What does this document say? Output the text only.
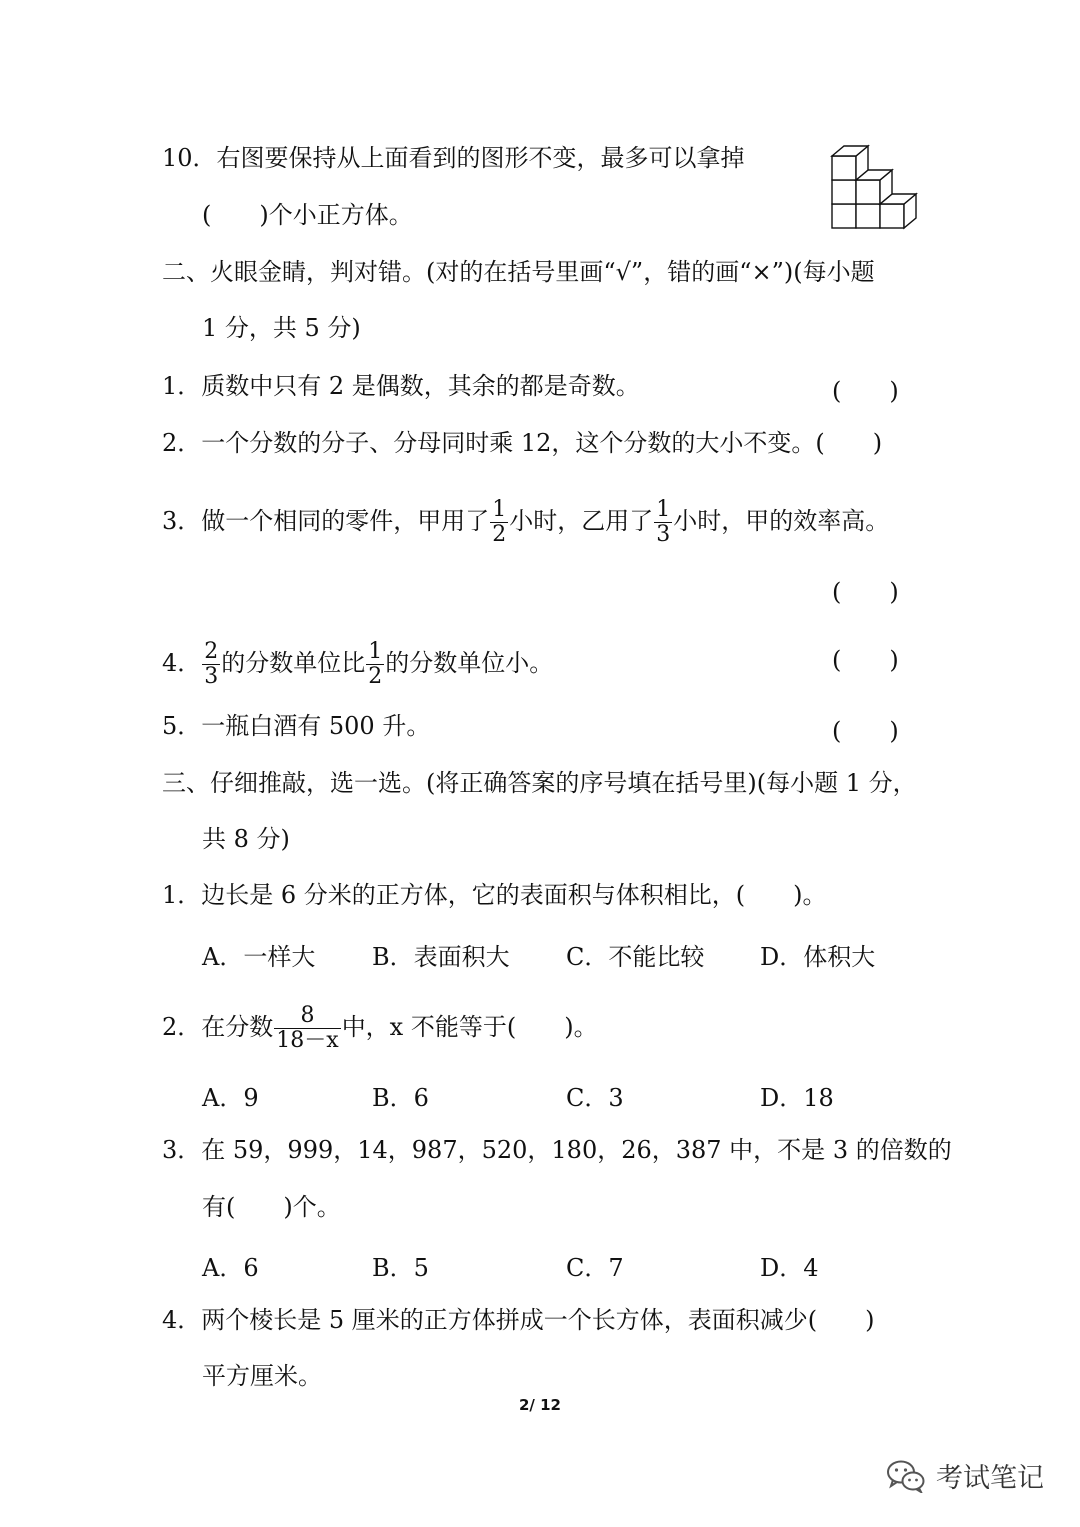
10．右图要保持从上面看到的图形不变，最多可以拿掉
(　　)个小正方体。
二、火眼金睛，判对错。(对的在括号里画“√”，错的画“×”)(每小题
1 分，共 5 分)
1．质数中只有 2 是偶数，其余的都是奇数。	(　　)
2．一个分数的分子、分母同时乘 12，这个分数的大小不变。(　　)
3．做一个相同的零件，甲用了 $\frac{1}{2}$ 小时，乙用了 $\frac{1}{3}$ 小时，甲的效率高。
(　　)
4． $\frac{2}{3}$ 的分数单位比 $\frac{1}{2}$ 的分数单位小。	(　　)
5．一瓶白酒有 500 升。	(　　)
三、仔细推敲，选一选。(将正确答案的序号填在括号里)(每小题 1 分，
共 8 分)
1．边长是 6 分米的正方体，它的表面积与体积相比，(　　)。
A．一样大 B．表面积大 C．不能比较 D．体积大
2．在分数 $\frac{8}{18-x}$ 中，x 不能等于(　　)。
A．9	B．6	C．3	D．18
3．在 59，999，14，987，520，180，26，387 中，不是 3 的倍数的
有(　　)个。
A．6	B．5	C．7	D．4
4．两个棱长是 5 厘米的正方体拼成一个长方体，表面积减少(　　)
平方厘米。
2/ 12
考试笔记
